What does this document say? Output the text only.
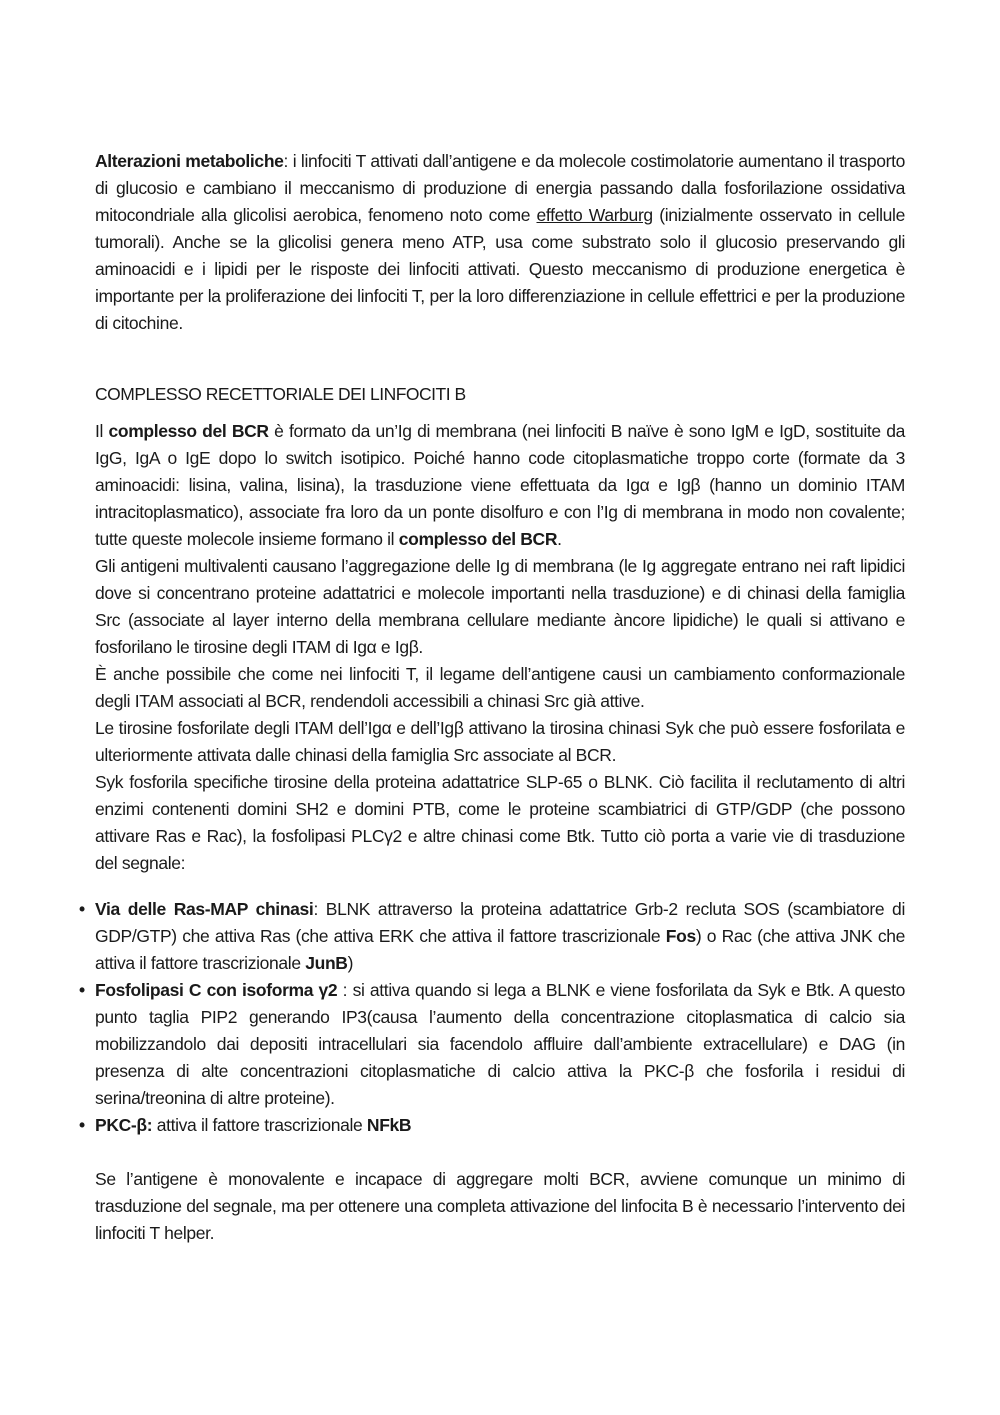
Alterazioni metaboliche: i linfociti T attivati dall’antigene e da molecole costimolatorie aumentano il trasporto di glucosio e cambiano il meccanismo di produzione di energia passando dalla fosforilazione ossidativa mitocondriale alla glicolisi aerobica, fenomeno noto come effetto Warburg (inizialmente osservato in cellule tumorali). Anche se la glicolisi genera meno ATP, usa come substrato solo il glucosio preservando gli aminoacidi e i lipidi per le risposte dei linfociti attivati. Questo meccanismo di produzione energetica è importante per la proliferazione dei linfociti T, per la loro differenziazione in cellule effettrici e per la produzione di citochine.

COMPLESSO RECETTORIALE DEI LINFOCITI B

Il complesso del BCR è formato da un’Ig di membrana (nei linfociti B naïve è sono IgM e IgD, sostituite da IgG, IgA o IgE dopo lo switch isotipico. Poiché hanno code citoplasmatiche troppo corte (formate da 3 aminoacidi: lisina, valina, lisina), la trasduzione viene effettuata da Igα e Igβ (hanno un dominio ITAM intracitoplasmatico), associate fra loro da un ponte disolfuro e con l’Ig di membrana in modo non covalente; tutte queste molecole insieme formano il complesso del BCR.

Gli antigeni multivalenti causano l’aggregazione delle Ig di membrana (le Ig aggregate entrano nei raft lipidici dove si concentrano proteine adattatrici e molecole importanti nella trasduzione) e di chinasi della famiglia Src (associate al layer interno della membrana cellulare mediante àncore lipidiche) le quali si attivano e fosforilano le tirosine degli ITAM di Igα e Igβ.

È anche possibile che come nei linfociti T, il legame dell’antigene causi un cambiamento conformazionale degli ITAM associati al BCR, rendendoli accessibili a chinasi Src già attive.

Le tirosine fosforilate degli ITAM dell’Igα e dell’Igβ attivano la tirosina chinasi Syk che può essere fosforilata e ulteriormente attivata dalle chinasi della famiglia Src associate al BCR.

Syk fosforila specifiche tirosine della proteina adattatrice SLP-65 o BLNK. Ciò facilita il reclutamento di altri enzimi contenenti domini SH2 e domini PTB, come le proteine scambiatrici di GTP/GDP (che possono attivare Ras e Rac), la fosfolipasi PLCγ2 e altre chinasi come Btk. Tutto ciò porta a varie vie di trasduzione del segnale:

• Via delle Ras-MAP chinasi: BLNK attraverso la proteina adattatrice Grb-2 recluta SOS (scambiatore di GDP/GTP) che attiva Ras (che attiva ERK che attiva il fattore trascrizionale Fos) o Rac (che attiva JNK che attiva il fattore trascrizionale JunB)
• Fosfolipasi C con isoforma γ2 : si attiva quando si lega a BLNK e viene fosforilata da Syk e Btk. A questo punto taglia PIP2 generando IP3(causa l’aumento della concentrazione citoplasmatica di calcio sia mobilizzandolo dai depositi intracellulari sia facendolo affluire dall’ambiente extracellulare) e DAG (in presenza di alte concentrazioni citoplasmatiche di calcio attiva la PKC-β che fosforila i residui di serina/treonina di altre proteine).
• PKC-β: attiva il fattore trascrizionale NFkB

Se l’antigene è monovalente e incapace di aggregare molti BCR, avviene comunque un minimo di trasduzione del segnale, ma per ottenere una completa attivazione del linfocita B è necessario l’intervento dei linfociti T helper.
